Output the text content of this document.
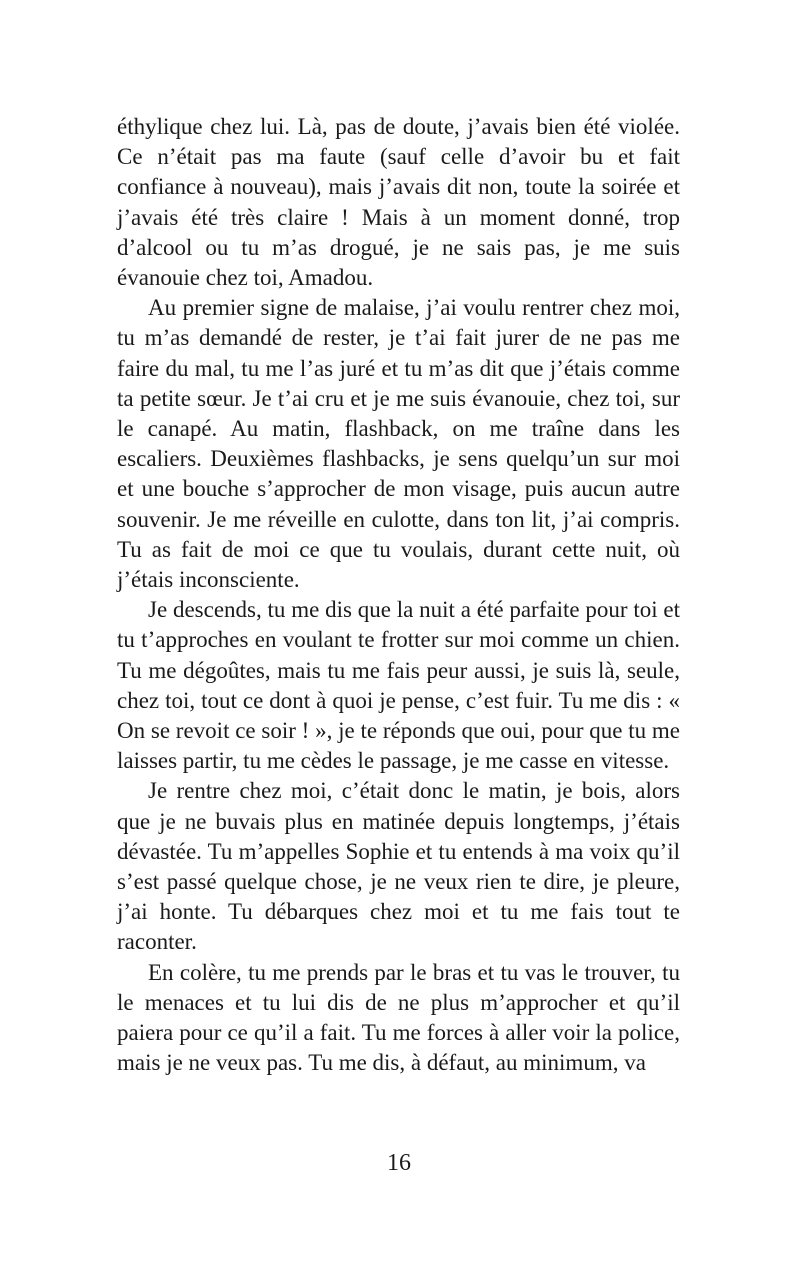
éthylique chez lui. Là, pas de doute, j’avais bien été violée. Ce n’était pas ma faute (sauf celle d’avoir bu et fait confiance à nouveau), mais j’avais dit non, toute la soirée et j’avais été très claire ! Mais à un moment donné, trop d’alcool ou tu m’as drogué, je ne sais pas, je me suis évanouie chez toi, Amadou.

Au premier signe de malaise, j’ai voulu rentrer chez moi, tu m’as demandé de rester, je t’ai fait jurer de ne pas me faire du mal, tu me l’as juré et tu m’as dit que j’étais comme ta petite sœur. Je t’ai cru et je me suis évanouie, chez toi, sur le canapé. Au matin, flashback, on me traîne dans les escaliers. Deuxièmes flashbacks, je sens quelqu’un sur moi et une bouche s’approcher de mon visage, puis aucun autre souvenir. Je me réveille en culotte, dans ton lit, j’ai compris. Tu as fait de moi ce que tu voulais, durant cette nuit, où j’étais inconsciente.

Je descends, tu me dis que la nuit a été parfaite pour toi et tu t’approches en voulant te frotter sur moi comme un chien. Tu me dégoûtes, mais tu me fais peur aussi, je suis là, seule, chez toi, tout ce dont à quoi je pense, c’est fuir. Tu me dis : « On se revoit ce soir ! », je te réponds que oui, pour que tu me laisses partir, tu me cèdes le passage, je me casse en vitesse.

Je rentre chez moi, c’était donc le matin, je bois, alors que je ne buvais plus en matinée depuis longtemps, j’étais dévastée. Tu m’appelles Sophie et tu entends à ma voix qu’il s’est passé quelque chose, je ne veux rien te dire, je pleure, j’ai honte. Tu débarques chez moi et tu me fais tout te raconter.

En colère, tu me prends par le bras et tu vas le trouver, tu le menaces et tu lui dis de ne plus m’approcher et qu’il paiera pour ce qu’il a fait. Tu me forces à aller voir la police, mais je ne veux pas. Tu me dis, à défaut, au minimum, va

16
